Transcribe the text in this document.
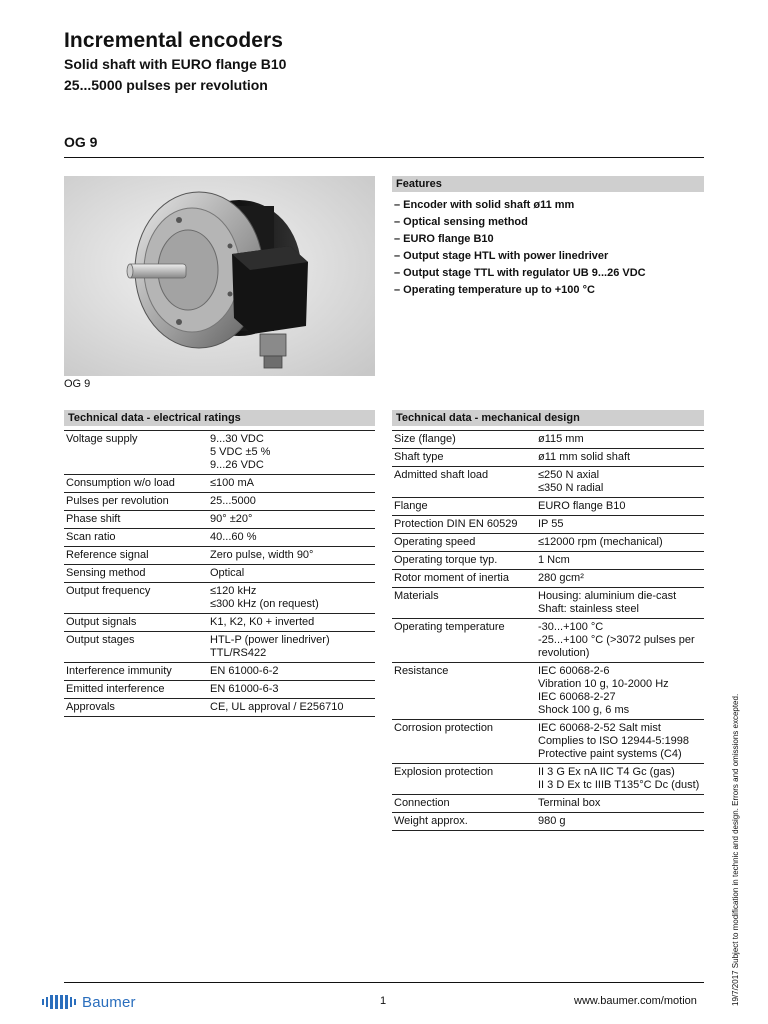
Incremental encoders
Solid shaft with EURO flange B10
25...5000 pulses per revolution
OG 9
OG 9
Features
– Encoder with solid shaft ø11 mm
– Optical sensing method
– EURO flange B10
– Output stage HTL with power linedriver
– Output stage TTL with regulator UB 9...26 VDC
– Operating temperature up to +100 °C
Technical data - electrical ratings
Voltage supply	9...30 VDC
5 VDC ±5 %
9...26 VDC
Consumption w/o load	≤100 mA
Pulses per revolution	25...5000
Phase shift	90° ±20°
Scan ratio	40...60 %
Reference signal	Zero pulse, width 90°
Sensing method	Optical
Output frequency	≤120 kHz
≤300 kHz (on request)
Output signals	K1, K2, K0 + inverted
Output stages	HTL-P (power linedriver)
TTL/RS422
Interference immunity	EN 61000-6-2
Emitted interference	EN 61000-6-3
Approvals	CE, UL approval / E256710
Technical data - mechanical design
Size (flange)	ø115 mm
Shaft type	ø11 mm solid shaft
Admitted shaft load	≤250 N axial
≤350 N radial
Flange	EURO flange B10
Protection DIN EN 60529	IP 55
Operating speed	≤12000 rpm (mechanical)
Operating torque typ.	1 Ncm
Rotor moment of inertia	280 gcm²
Materials	Housing: aluminium die-cast
Shaft: stainless steel
Operating temperature	-30...+100 °C
-25...+100 °C (>3072 pulses per revolution)
Resistance	IEC 60068-2-6
Vibration 10 g, 10-2000 Hz
IEC 60068-2-27
Shock 100 g, 6 ms
Corrosion protection	IEC 60068-2-52 Salt mist
Complies to ISO 12944-5:1998
Protective paint systems (C4)
Explosion protection	II 3 G Ex nA IIC T4 Gc (gas)
II 3 D Ex tc IIIB T135°C Dc (dust)
Connection	Terminal box
Weight approx.	980 g	19/7/2017 Subject to modification in technic and design. Errors and omissions excepted.
Baumer	1	www.baumer.com/motion
